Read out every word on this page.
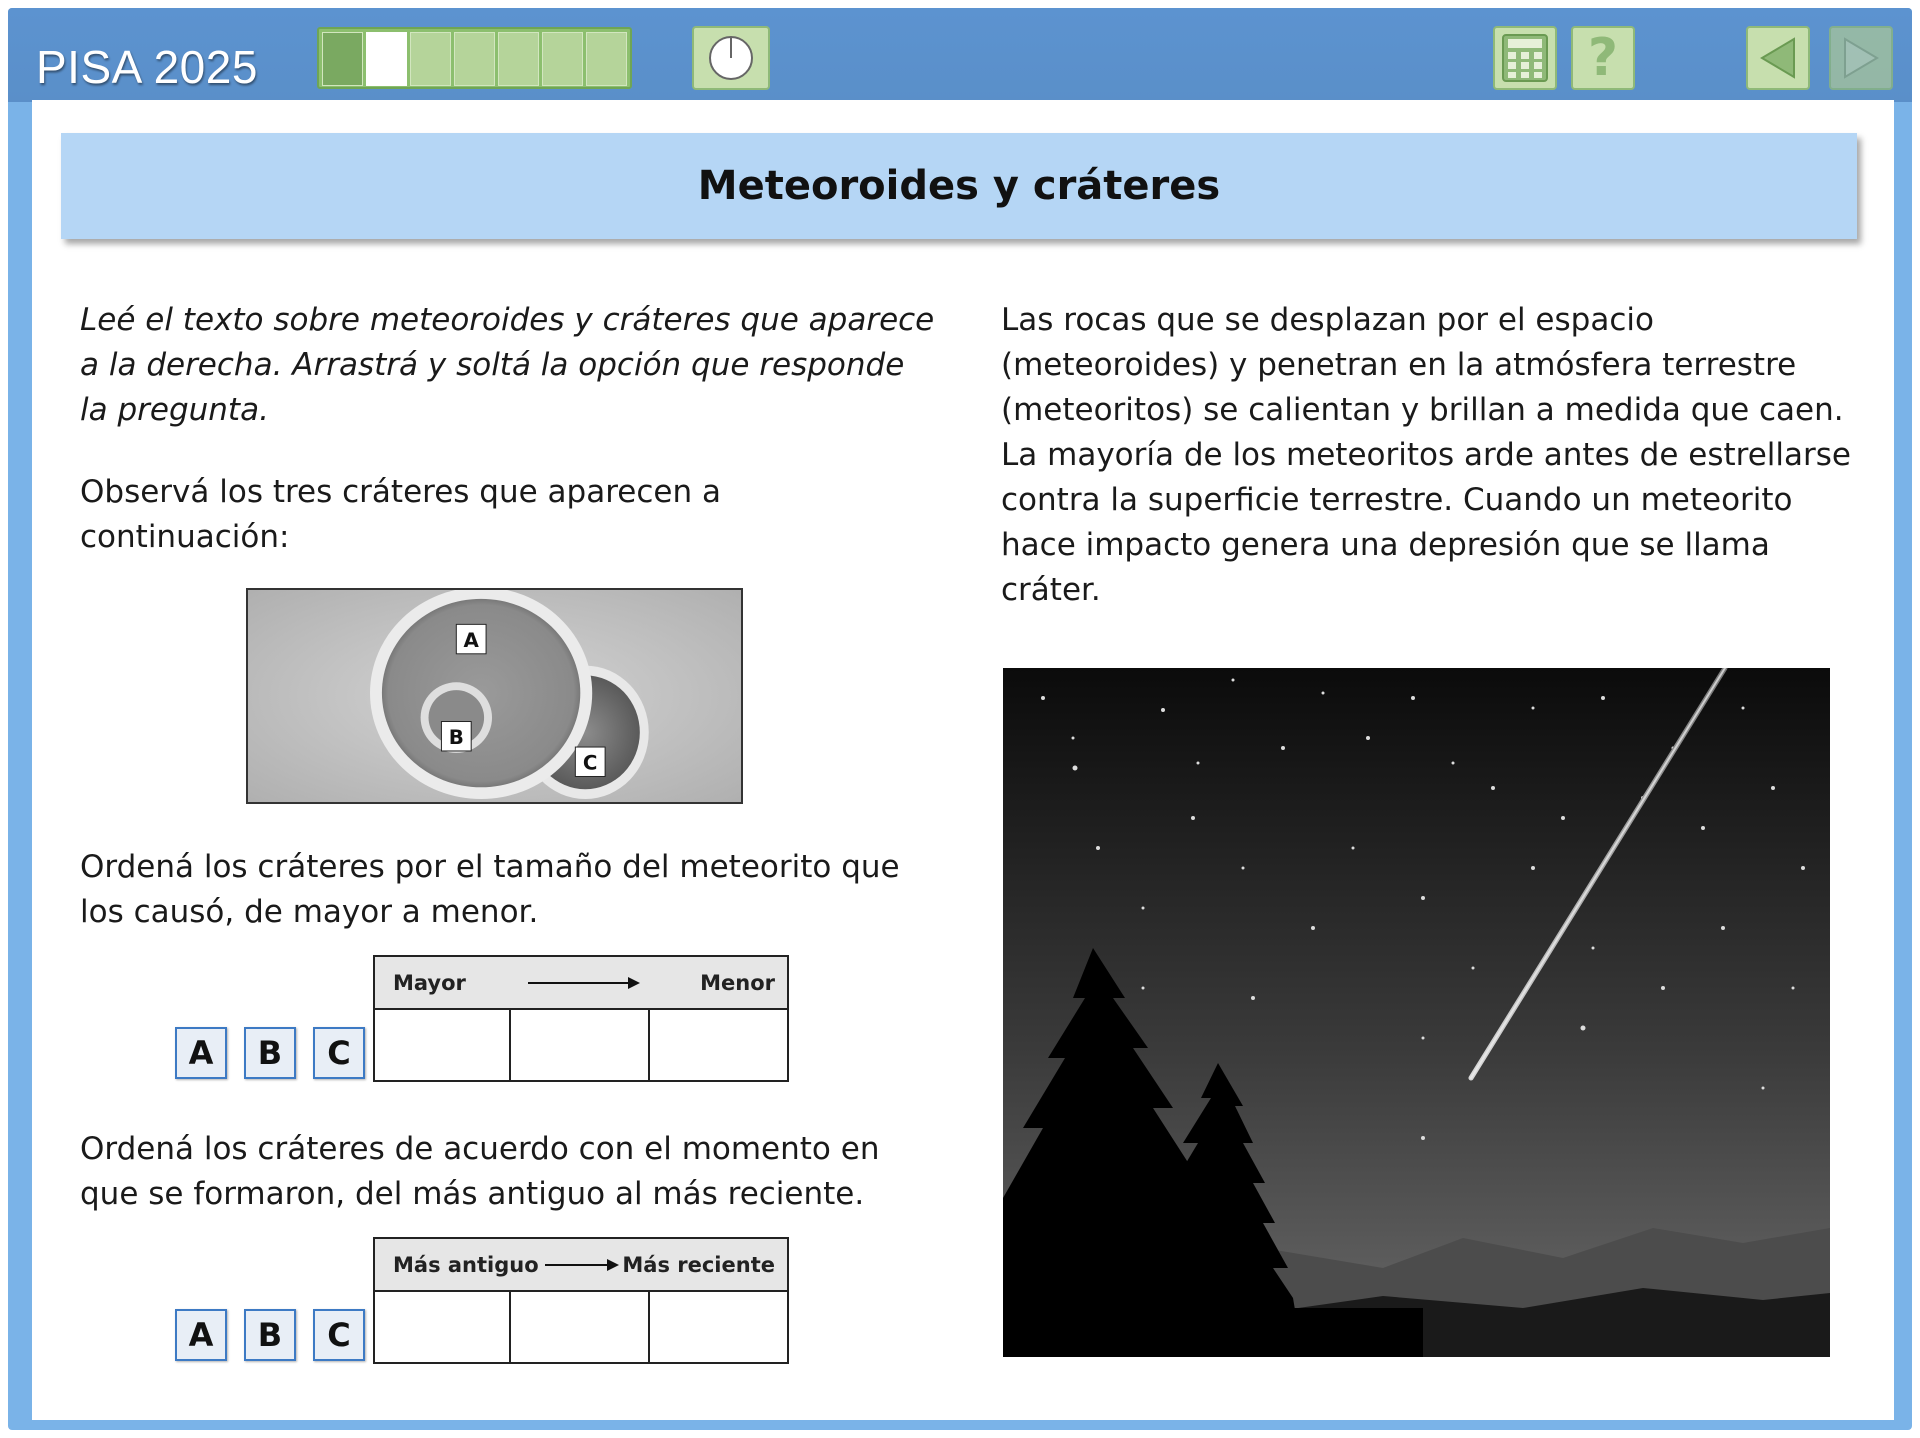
PISA 2025	?
Meteoroides y cráteres
Leé el texto sobre meteoroides y cráteres que aparece
a la derecha. Arrastrá y soltá la opción que responde
la pregunta.
Observá los tres cráteres que aparecen a
continuación:
A
B
C
Ordená los cráteres por el tamaño del meteorito que
los causó, de mayor a menor.
A	B	C
Mayor	Menor
Ordená los cráteres de acuerdo con el momento en
que se formaron, del más antiguo al más reciente.
A	B	C
Más antiguo	Más reciente
Las rocas que se desplazan por el espacio
(meteoroides) y penetran en la atmósfera terrestre
(meteoritos) se calientan y brillan a medida que caen.
La mayoría de los meteoritos arde antes de estrellarse
contra la superficie terrestre. Cuando un meteorito
hace impacto genera una depresión que se llama
cráter.
